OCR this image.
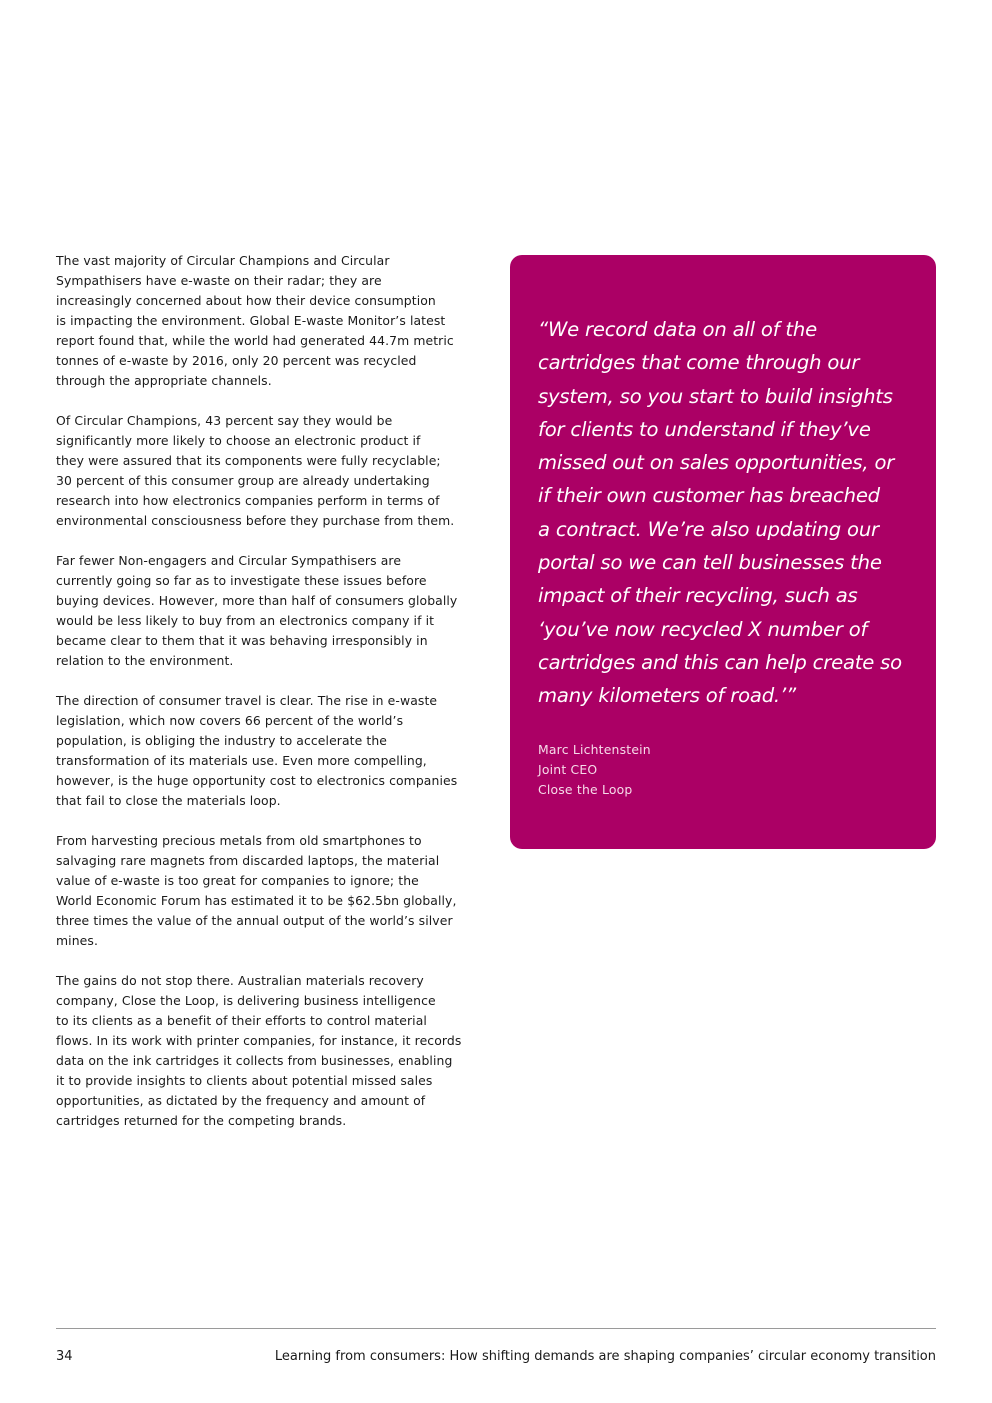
The vast majority of Circular Champions and Circular
Sympathisers have e-waste on their radar; they are
increasingly concerned about how their device consumption
is impacting the environment. Global E-waste Monitor’s latest
report found that, while the world had generated 44.7m metric
tonnes of e-waste by 2016, only 20 percent was recycled
through the appropriate channels.

Of Circular Champions, 43 percent say they would be
significantly more likely to choose an electronic product if
they were assured that its components were fully recyclable;
30 percent of this consumer group are already undertaking
research into how electronics companies perform in terms of
environmental consciousness before they purchase from them.

Far fewer Non-engagers and Circular Sympathisers are
currently going so far as to investigate these issues before
buying devices. However, more than half of consumers globally
would be less likely to buy from an electronics company if it
became clear to them that it was behaving irresponsibly in
relation to the environment.

The direction of consumer travel is clear. The rise in e-waste
legislation, which now covers 66 percent of the world’s
population, is obliging the industry to accelerate the
transformation of its materials use. Even more compelling,
however, is the huge opportunity cost to electronics companies
that fail to close the materials loop.

From harvesting precious metals from old smartphones to
salvaging rare magnets from discarded laptops, the material
value of e-waste is too great for companies to ignore; the
World Economic Forum has estimated it to be $62.5bn globally,
three times the value of the annual output of the world’s silver
mines.

The gains do not stop there. Australian materials recovery
company, Close the Loop, is delivering business intelligence
to its clients as a benefit of their efforts to control material
flows. In its work with printer companies, for instance, it records
data on the ink cartridges it collects from businesses, enabling
it to provide insights to clients about potential missed sales
opportunities, as dictated by the frequency and amount of
cartridges returned for the competing brands.

“We record data on all of the
cartridges that come through our
system, so you start to build insights
for clients to understand if they’ve
missed out on sales opportunities, or
if their own customer has breached
a contract. We’re also updating our
portal so we can tell businesses the
impact of their recycling, such as
‘you’ve now recycled X number of
cartridges and this can help create so
many kilometers of road.’”

Marc Lichtenstein
Joint CEO
Close the Loop
34	Learning from consumers: How shifting demands are shaping companies’ circular economy transition
